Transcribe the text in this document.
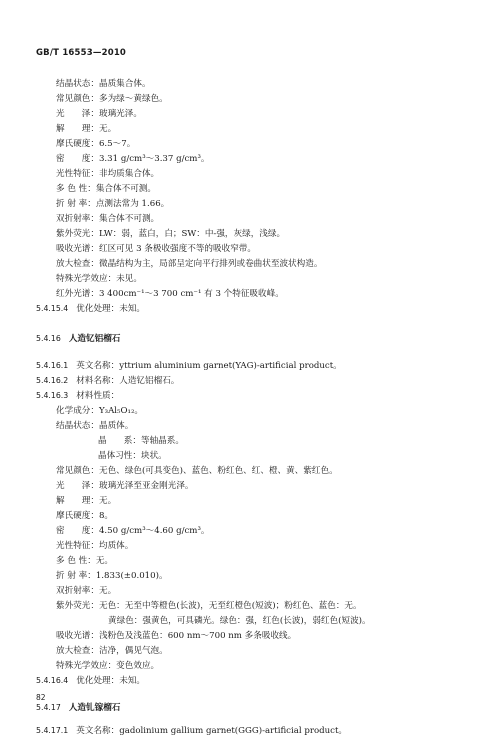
GB/T 16553—2010
结晶状态：晶质集合体。
常见颜色：多为绿～黄绿色。
光　　泽：玻璃光泽。
解　　理：无。
摩氏硬度：6.5～7。
密　　度：3.31 g/cm³～3.37 g/cm³。
光性特征：非均质集合体。
多 色 性：集合体不可测。
折 射 率：点测法常为 1.66。
双折射率：集合体不可测。
紫外荧光：LW：弱，蓝白，白；SW：中-强，灰绿，浅绿。
吸收光谱：红区可见 3 条极收强度不等的吸收窄带。
放大检查：微晶结构为主，局部呈定向平行排列或卷曲状至波状构造。
特殊光学效应：未见。
红外光谱：3 400cm⁻¹～3 700 cm⁻¹ 有 3 个特征吸收峰。
5.4.15.4 优化处理：未知。
5.4.16 人造钇铝榴石
5.4.16.1 英文名称：yttrium aluminium garnet(YAG)-artificial product。
5.4.16.2 材料名称：人造钇铝榴石。
5.4.16.3 材料性质：
化学成分：Y₃Al₅O₁₂。
结晶状态：晶质体。
晶　　系：等轴晶系。
晶体习性：块状。
常见颜色：无色、绿色(可具变色)、蓝色、粉红色、红、橙、黄、紫红色。
光　　泽：玻璃光泽至亚金刚光泽。
解　　理：无。
摩氏硬度：8。
密　　度：4.50 g/cm³～4.60 g/cm³。
光性特征：均质体。
多 色 性：无。
折 射 率：1.833(±0.010)。
双折射率：无。
紫外荧光：无色：无至中等橙色(长波)，无至红橙色(短波)；粉红色、蓝色：无。
黄绿色：强黄色，可具磷光。绿色：强，红色(长波)，弱红色(短波)。
吸收光谱：浅粉色及浅蓝色：600 nm～700 nm 多条吸收线。
放大检查：洁净，偶见气泡。
特殊光学效应：变色效应。
5.4.16.4 优化处理：未知。
5.4.17 人造钆镓榴石
5.4.17.1 英文名称：gadolinium gallium garnet(GGG)-artificial product。
82
